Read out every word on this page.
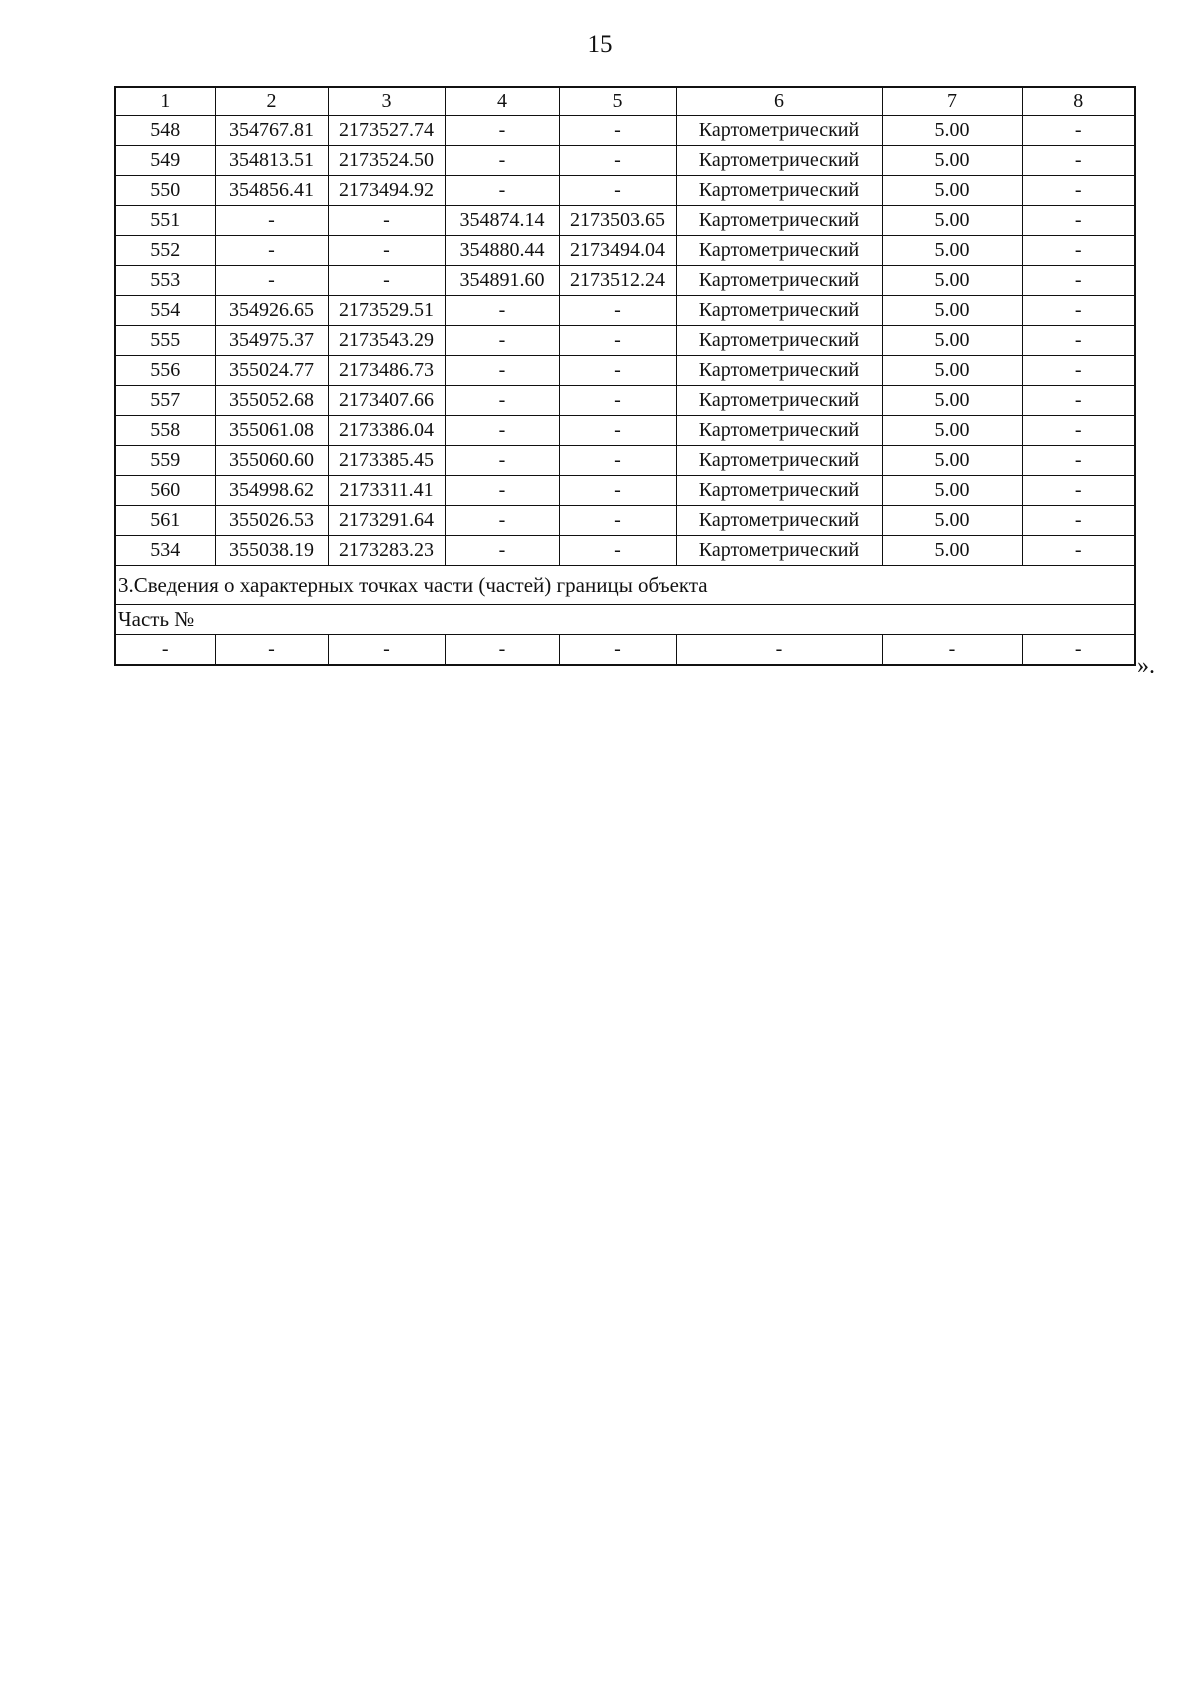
15
1	2	3	4	5	6	7	8
548	354767.81	2173527.74	-	-	Картометрический	5.00	-
549	354813.51	2173524.50	-	-	Картометрический	5.00	-
550	354856.41	2173494.92	-	-	Картометрический	5.00	-
551	-	-	354874.14	2173503.65	Картометрический	5.00	-
552	-	-	354880.44	2173494.04	Картометрический	5.00	-
553	-	-	354891.60	2173512.24	Картометрический	5.00	-
554	354926.65	2173529.51	-	-	Картометрический	5.00	-
555	354975.37	2173543.29	-	-	Картометрический	5.00	-
556	355024.77	2173486.73	-	-	Картометрический	5.00	-
557	355052.68	2173407.66	-	-	Картометрический	5.00	-
558	355061.08	2173386.04	-	-	Картометрический	5.00	-
559	355060.60	2173385.45	-	-	Картометрический	5.00	-
560	354998.62	2173311.41	-	-	Картометрический	5.00	-
561	355026.53	2173291.64	-	-	Картометрический	5.00	-
534	355038.19	2173283.23	-	-	Картометрический	5.00	-
3.Сведения о характерных точках части (частей) границы объекта							
Часть №							
-	-	-	-	-	-	-	-
».
